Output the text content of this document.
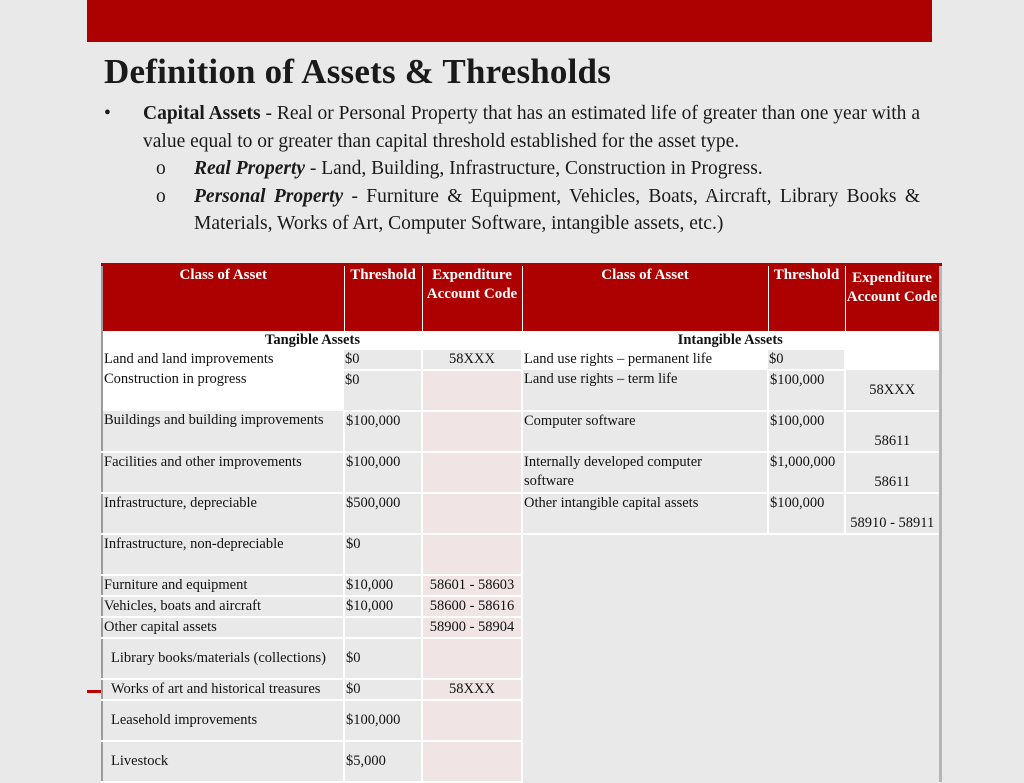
Definition of Assets & Thresholds
• Capital Assets - Real or Personal Property that has an estimated life of greater than one year with a value equal to or greater than capital threshold established for the asset type.
o Real Property - Land, Building, Infrastructure, Construction in Progress.
o Personal Property - Furniture & Equipment, Vehicles, Boats, Aircraft, Library Books & Materials, Works of Art, Computer Software, intangible assets, etc.)
Class of Asset	Threshold	Expenditure Account Code	Class of Asset	Threshold	Expenditure Account Code
Tangible Assets			Intangible Assets		
Land and land improvements	$0	58XXX	Land use rights – permanent life	$0	
Construction in progress	$0		Land use rights – term life	$100,000	58XXX
Buildings and building improvements	$100,000		Computer software	$100,000	58611
Facilities and other improvements	$100,000		Internally developed computer software	$1,000,000	58611
Infrastructure, depreciable	$500,000		Other intangible capital assets	$100,000	58910 - 58911
Infrastructure, non-depreciable	$0				
Furniture and equipment	$10,000	58601 - 58603			
Vehicles, boats and aircraft	$10,000	58600 - 58616			
Other capital assets		58900 - 58904			
Library books/materials (collections)	$0				
Works of art and historical treasures	$0	58XXX			
Leasehold improvements	$100,000				
Livestock	$5,000				
